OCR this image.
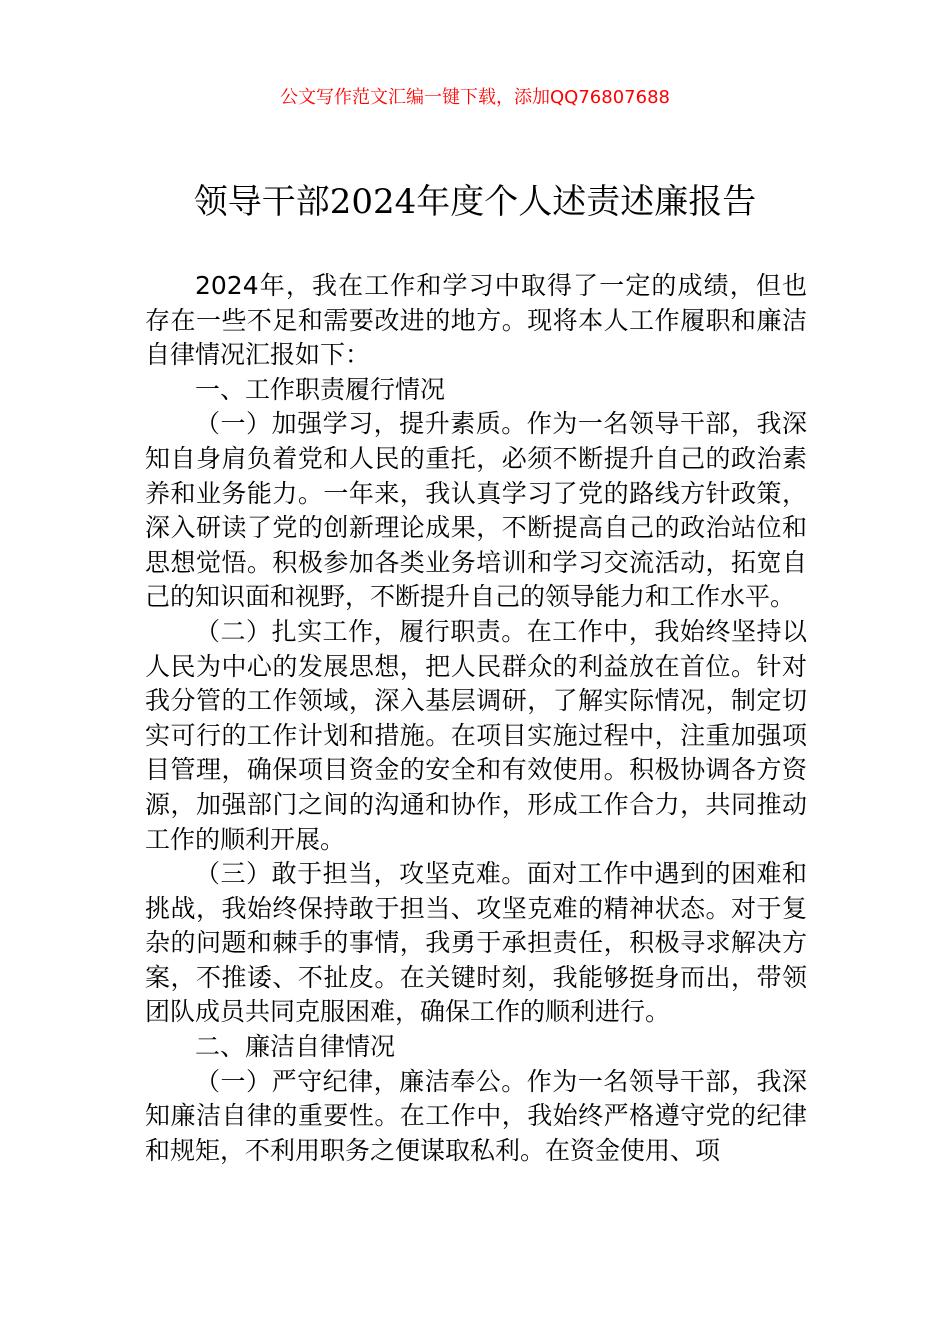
公文写作范文汇编一键下载，添加QQ76807688
领导干部2024年度个人述责述廉报告

2024年，我在工作和学习中取得了一定的成绩，但也存在一些不足和需要改进的地方。现将本人工作履职和廉洁自律情况汇报如下：

一、工作职责履行情况

（一）加强学习，提升素质。作为一名领导干部，我深知自身肩负着党和人民的重托，必须不断提升自己的政治素养和业务能力。一年来，我认真学习了党的路线方针政策，深入研读了党的创新理论成果，不断提高自己的政治站位和思想觉悟。积极参加各类业务培训和学习交流活动，拓宽自己的知识面和视野，不断提升自己的领导能力和工作水平。

（二）扎实工作，履行职责。在工作中，我始终坚持以人民为中心的发展思想，把人民群众的利益放在首位。针对我分管的工作领域，深入基层调研，了解实际情况，制定切实可行的工作计划和措施。在项目实施过程中，注重加强项目管理，确保项目资金的安全和有效使用。积极协调各方资源，加强部门之间的沟通和协作，形成工作合力，共同推动工作的顺利开展。

（三）敢于担当，攻坚克难。面对工作中遇到的困难和挑战，我始终保持敢于担当、攻坚克难的精神状态。对于复杂的问题和棘手的事情，我勇于承担责任，积极寻求解决方案，不推诿、不扯皮。在关键时刻，我能够挺身而出，带领团队成员共同克服困难，确保工作的顺利进行。

二、廉洁自律情况

（一）严守纪律，廉洁奉公。作为一名领导干部，我深知廉洁自律的重要性。在工作中，我始终严格遵守党的纪律和规矩，不利用职务之便谋取私利。在资金使用、项
